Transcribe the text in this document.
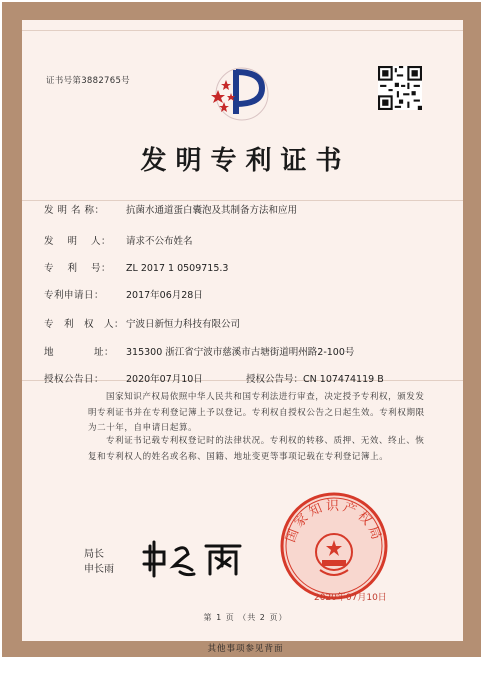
证书号第3882765号
发明专利证书
发 明 名 称： 抗菌水通道蛋白囊泡及其制备方法和应用
发　 明　 人： 请求不公布姓名
专　 利　 号： ZL 2017 1 0509715.3
专利申请日： 2017年06月28日
专　利　权　人： 宁波日新恒力科技有限公司
地　　　　址： 315300 浙江省宁波市慈溪市古塘街道明州路2-100号
授权公告日： 2020年07月10日	授权公告号：CN 107474119 B
国家知识产权局依照中华人民共和国专利法进行审查，决定授予专利权，颁发发明专利证书并在专利登记簿上予以登记。专利权自授权公告之日起生效。专利权期限为二十年，自申请日起算。
专利证书记载专利权登记时的法律状况。专利权的转移、质押、无效、终止、恢复和专利权人的姓名或名称、国籍、地址变更等事项记载在专利登记簿上。
局长
申长雨
国家知识产权局
2020年07月10日
第 1 页 （共 2 页）
其他事项参见背面
